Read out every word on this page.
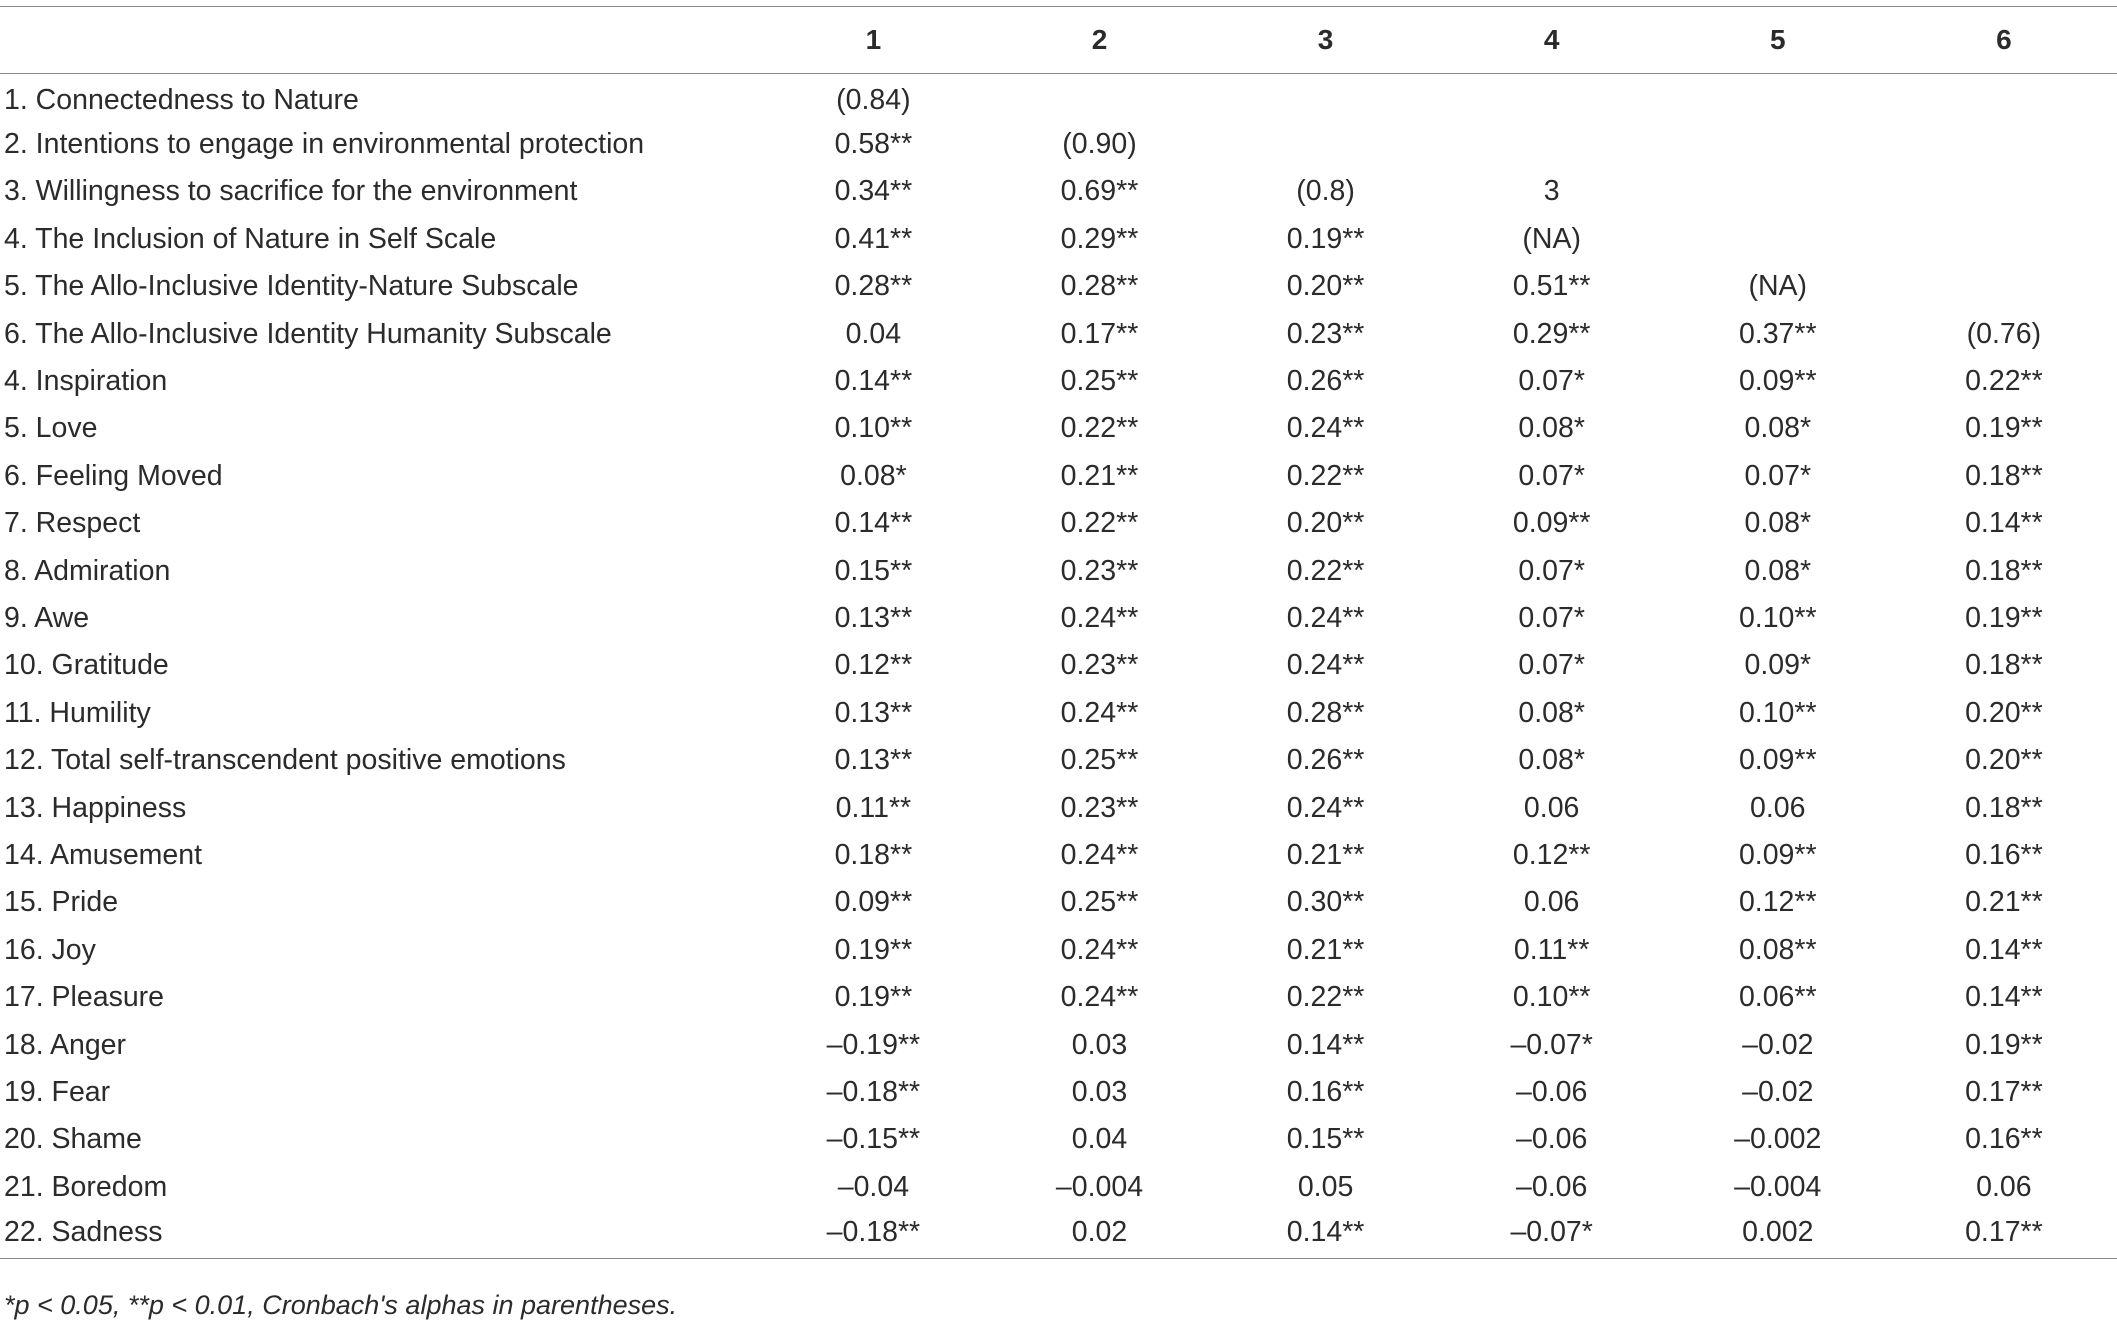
	1	2	3	4	5	6
1. Connectedness to Nature	(0.84)					
2. Intentions to engage in environmental protection	0.58**	(0.90)				
3. Willingness to sacrifice for the environment	0.34**	0.69**	(0.8)	3		
4. The Inclusion of Nature in Self Scale	0.41**	0.29**	0.19**	(NA)		
5. The Allo-Inclusive Identity-Nature Subscale	0.28**	0.28**	0.20**	0.51**	(NA)	
6. The Allo-Inclusive Identity Humanity Subscale	0.04	0.17**	0.23**	0.29**	0.37**	(0.76)
4. Inspiration	0.14**	0.25**	0.26**	0.07*	0.09**	0.22**
5. Love	0.10**	0.22**	0.24**	0.08*	0.08*	0.19**
6. Feeling Moved	0.08*	0.21**	0.22**	0.07*	0.07*	0.18**
7. Respect	0.14**	0.22**	0.20**	0.09**	0.08*	0.14**
8. Admiration	0.15**	0.23**	0.22**	0.07*	0.08*	0.18**
9. Awe	0.13**	0.24**	0.24**	0.07*	0.10**	0.19**
10. Gratitude	0.12**	0.23**	0.24**	0.07*	0.09*	0.18**
11. Humility	0.13**	0.24**	0.28**	0.08*	0.10**	0.20**
12. Total self-transcendent positive emotions	0.13**	0.25**	0.26**	0.08*	0.09**	0.20**
13. Happiness	0.11**	0.23**	0.24**	0.06	0.06	0.18**
14. Amusement	0.18**	0.24**	0.21**	0.12**	0.09**	0.16**
15. Pride	0.09**	0.25**	0.30**	0.06	0.12**	0.21**
16. Joy	0.19**	0.24**	0.21**	0.11**	0.08**	0.14**
17. Pleasure	0.19**	0.24**	0.22**	0.10**	0.06**	0.14**
18. Anger	–0.19**	0.03	0.14**	–0.07*	–0.02	0.19**
19. Fear	–0.18**	0.03	0.16**	–0.06	–0.02	0.17**
20. Shame	–0.15**	0.04	0.15**	–0.06	–0.002	0.16**
21. Boredom	–0.04	–0.004	0.05	–0.06	–0.004	0.06
22. Sadness	–0.18**	0.02	0.14**	–0.07*	0.002	0.17**
*p < 0.05, **p < 0.01, Cronbach's alphas in parentheses.
